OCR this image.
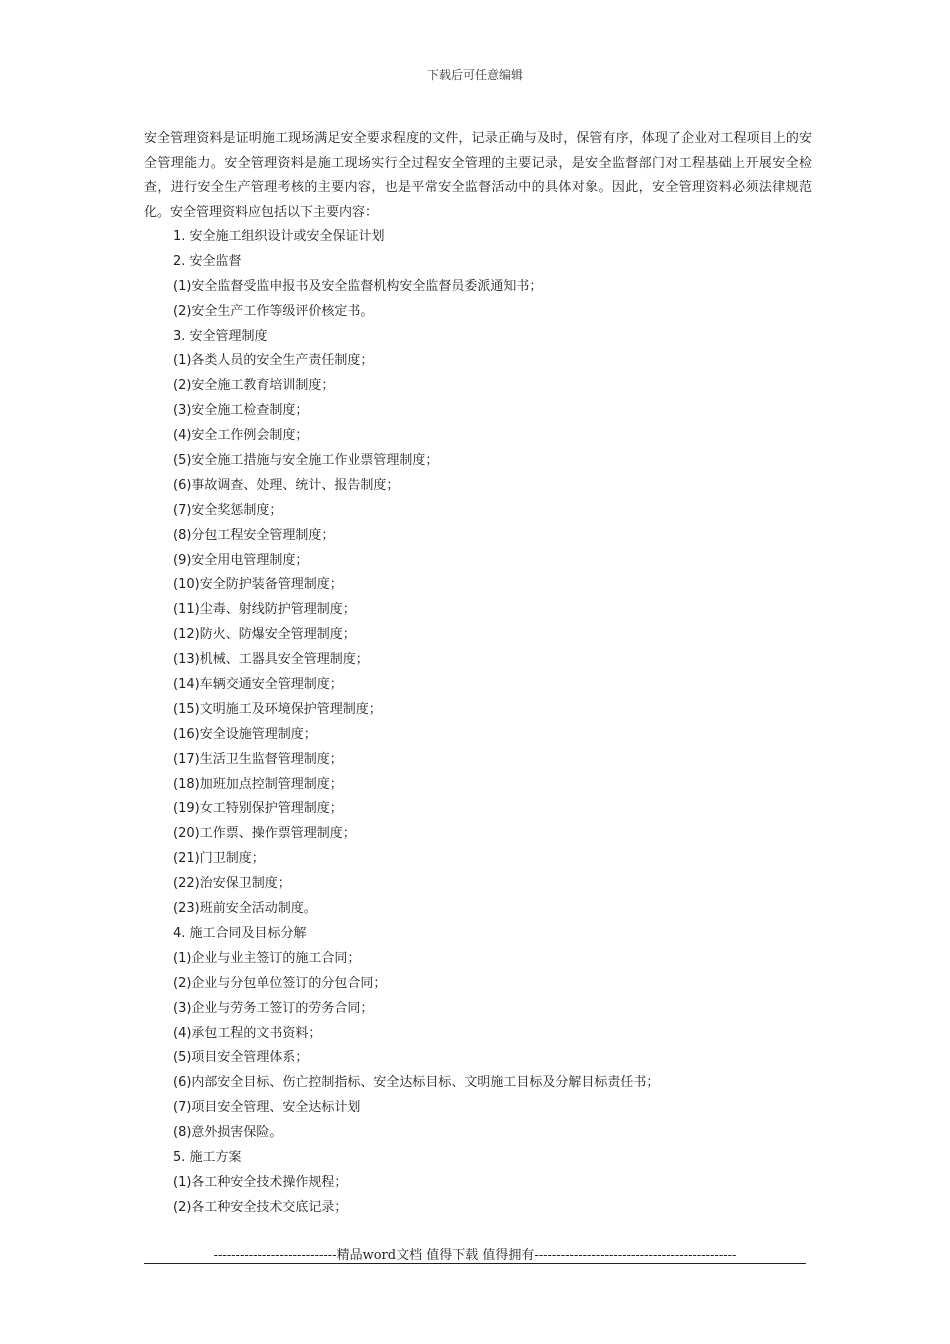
下载后可任意编辑
安全管理资料是证明施工现场满足安全要求程度的文件，记录正确与及时，保管有序，体现了企业对工程项目上的安全管理能力。安全管理资料是施工现场实行全过程安全管理的主要记录，是安全监督部门对工程基础上开展安全检查，进行安全生产管理考核的主要内容，也是平常安全监督活动中的具体对象。因此，安全管理资料必须法律规范化。安全管理资料应包括以下主要内容：
1. 安全施工组织设计或安全保证计划
2. 安全监督
(1)安全监督受监申报书及安全监督机构安全监督员委派通知书；
(2)安全生产工作等级评价核定书。
3. 安全管理制度
(1)各类人员的安全生产责任制度；
(2)安全施工教育培训制度；
(3)安全施工检查制度；
(4)安全工作例会制度；
(5)安全施工措施与安全施工作业票管理制度；
(6)事故调查、处理、统计、报告制度；
(7)安全奖惩制度；
(8)分包工程安全管理制度；
(9)安全用电管理制度；
(10)安全防护装备管理制度；
(11)尘毒、射线防护管理制度；
(12)防火、防爆安全管理制度；
(13)机械、工器具安全管理制度；
(14)车辆交通安全管理制度；
(15)文明施工及环境保护管理制度；
(16)安全设施管理制度；
(17)生活卫生监督管理制度；
(18)加班加点控制管理制度；
(19)女工特别保护管理制度；
(20)工作票、操作票管理制度；
(21)门卫制度；
(22)治安保卫制度；
(23)班前安全活动制度。
4. 施工合同及目标分解
(1)企业与业主签订的施工合同；
(2)企业与分包单位签订的分包合同；
(3)企业与劳务工签订的劳务合同；
(4)承包工程的文书资料；
(5)项目安全管理体系；
(6)内部安全目标、伤亡控制指标、安全达标目标、文明施工目标及分解目标责任书；
(7)项目安全管理、安全达标计划
(8)意外损害保险。
5. 施工方案
(1)各工种安全技术操作规程；
(2)各工种安全技术交底记录；
----------------------------精品word文档 值得下载 值得拥有----------------------------------------------
